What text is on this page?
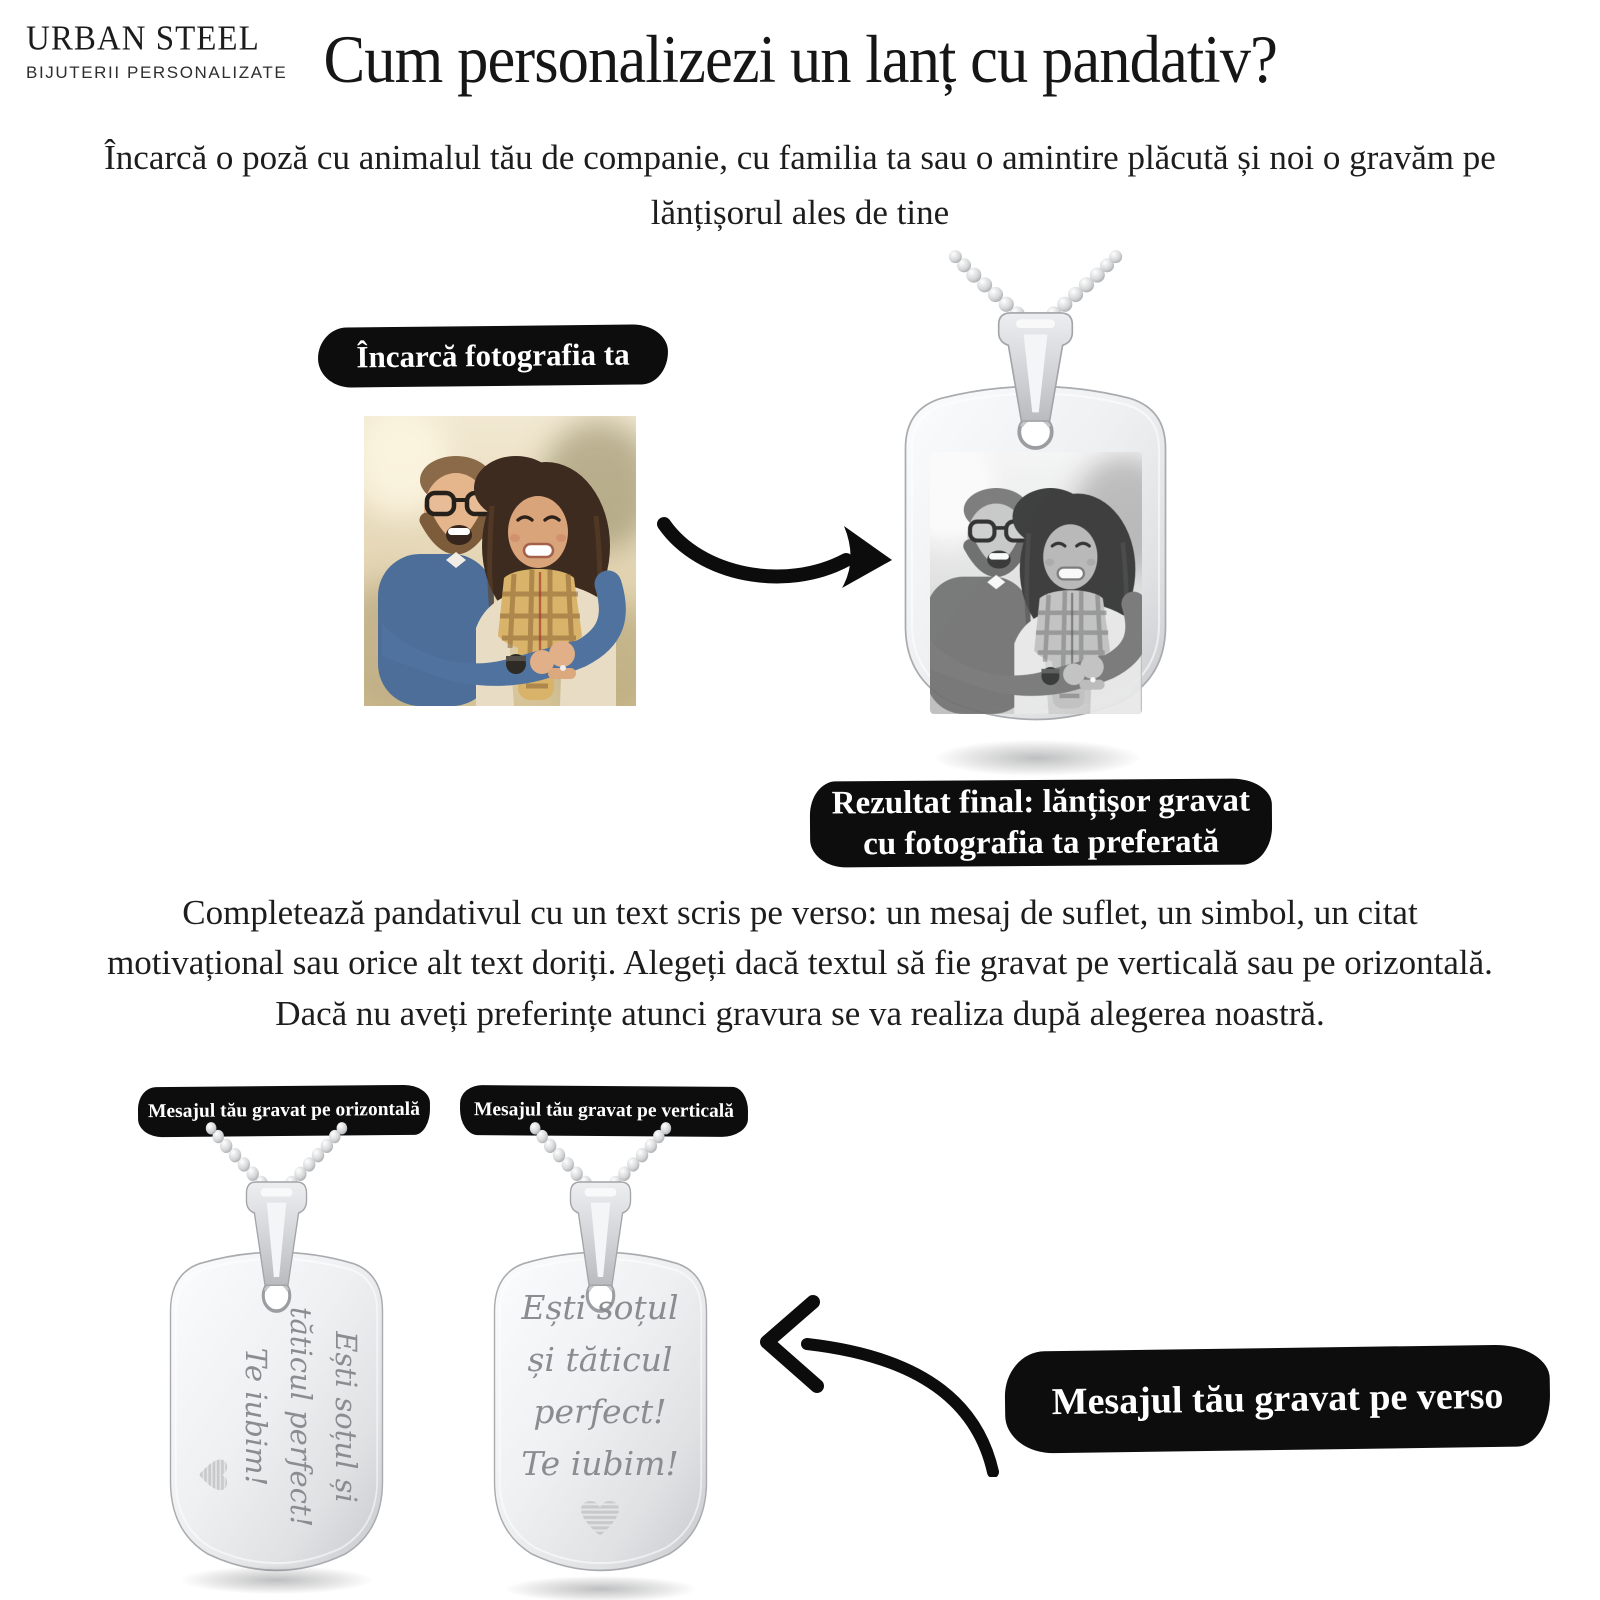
URBAN STEEL
BIJUTERII PERSONALIZATE Cum personalizezi un lanț cu pandativ?

Încarcă o poză cu animalul tău de companie, cu familia ta sau o amintire plăcută și noi o gravăm pe lănțișorul ales de tine

Încarcă fotografia ta
Rezultat final: lănțișor gravat cu fotografia ta preferată

Completează pandativul cu un text scris pe verso: un mesaj de suflet, un simbol, un citat motivațional sau orice alt text doriți. Alegeți dacă textul să fie gravat pe verticală sau pe orizontală. Dacă nu aveți preferințe atunci gravura se va realiza după alegerea noastră.

Mesajul tău gravat pe orizontală	Mesajul tău gravat pe verticală
Ești soțul și
tăticul perfect!
Te iubim!
Ești soțul
și tăticul
perfect!
Te iubim!
Mesajul tău gravat pe verso
